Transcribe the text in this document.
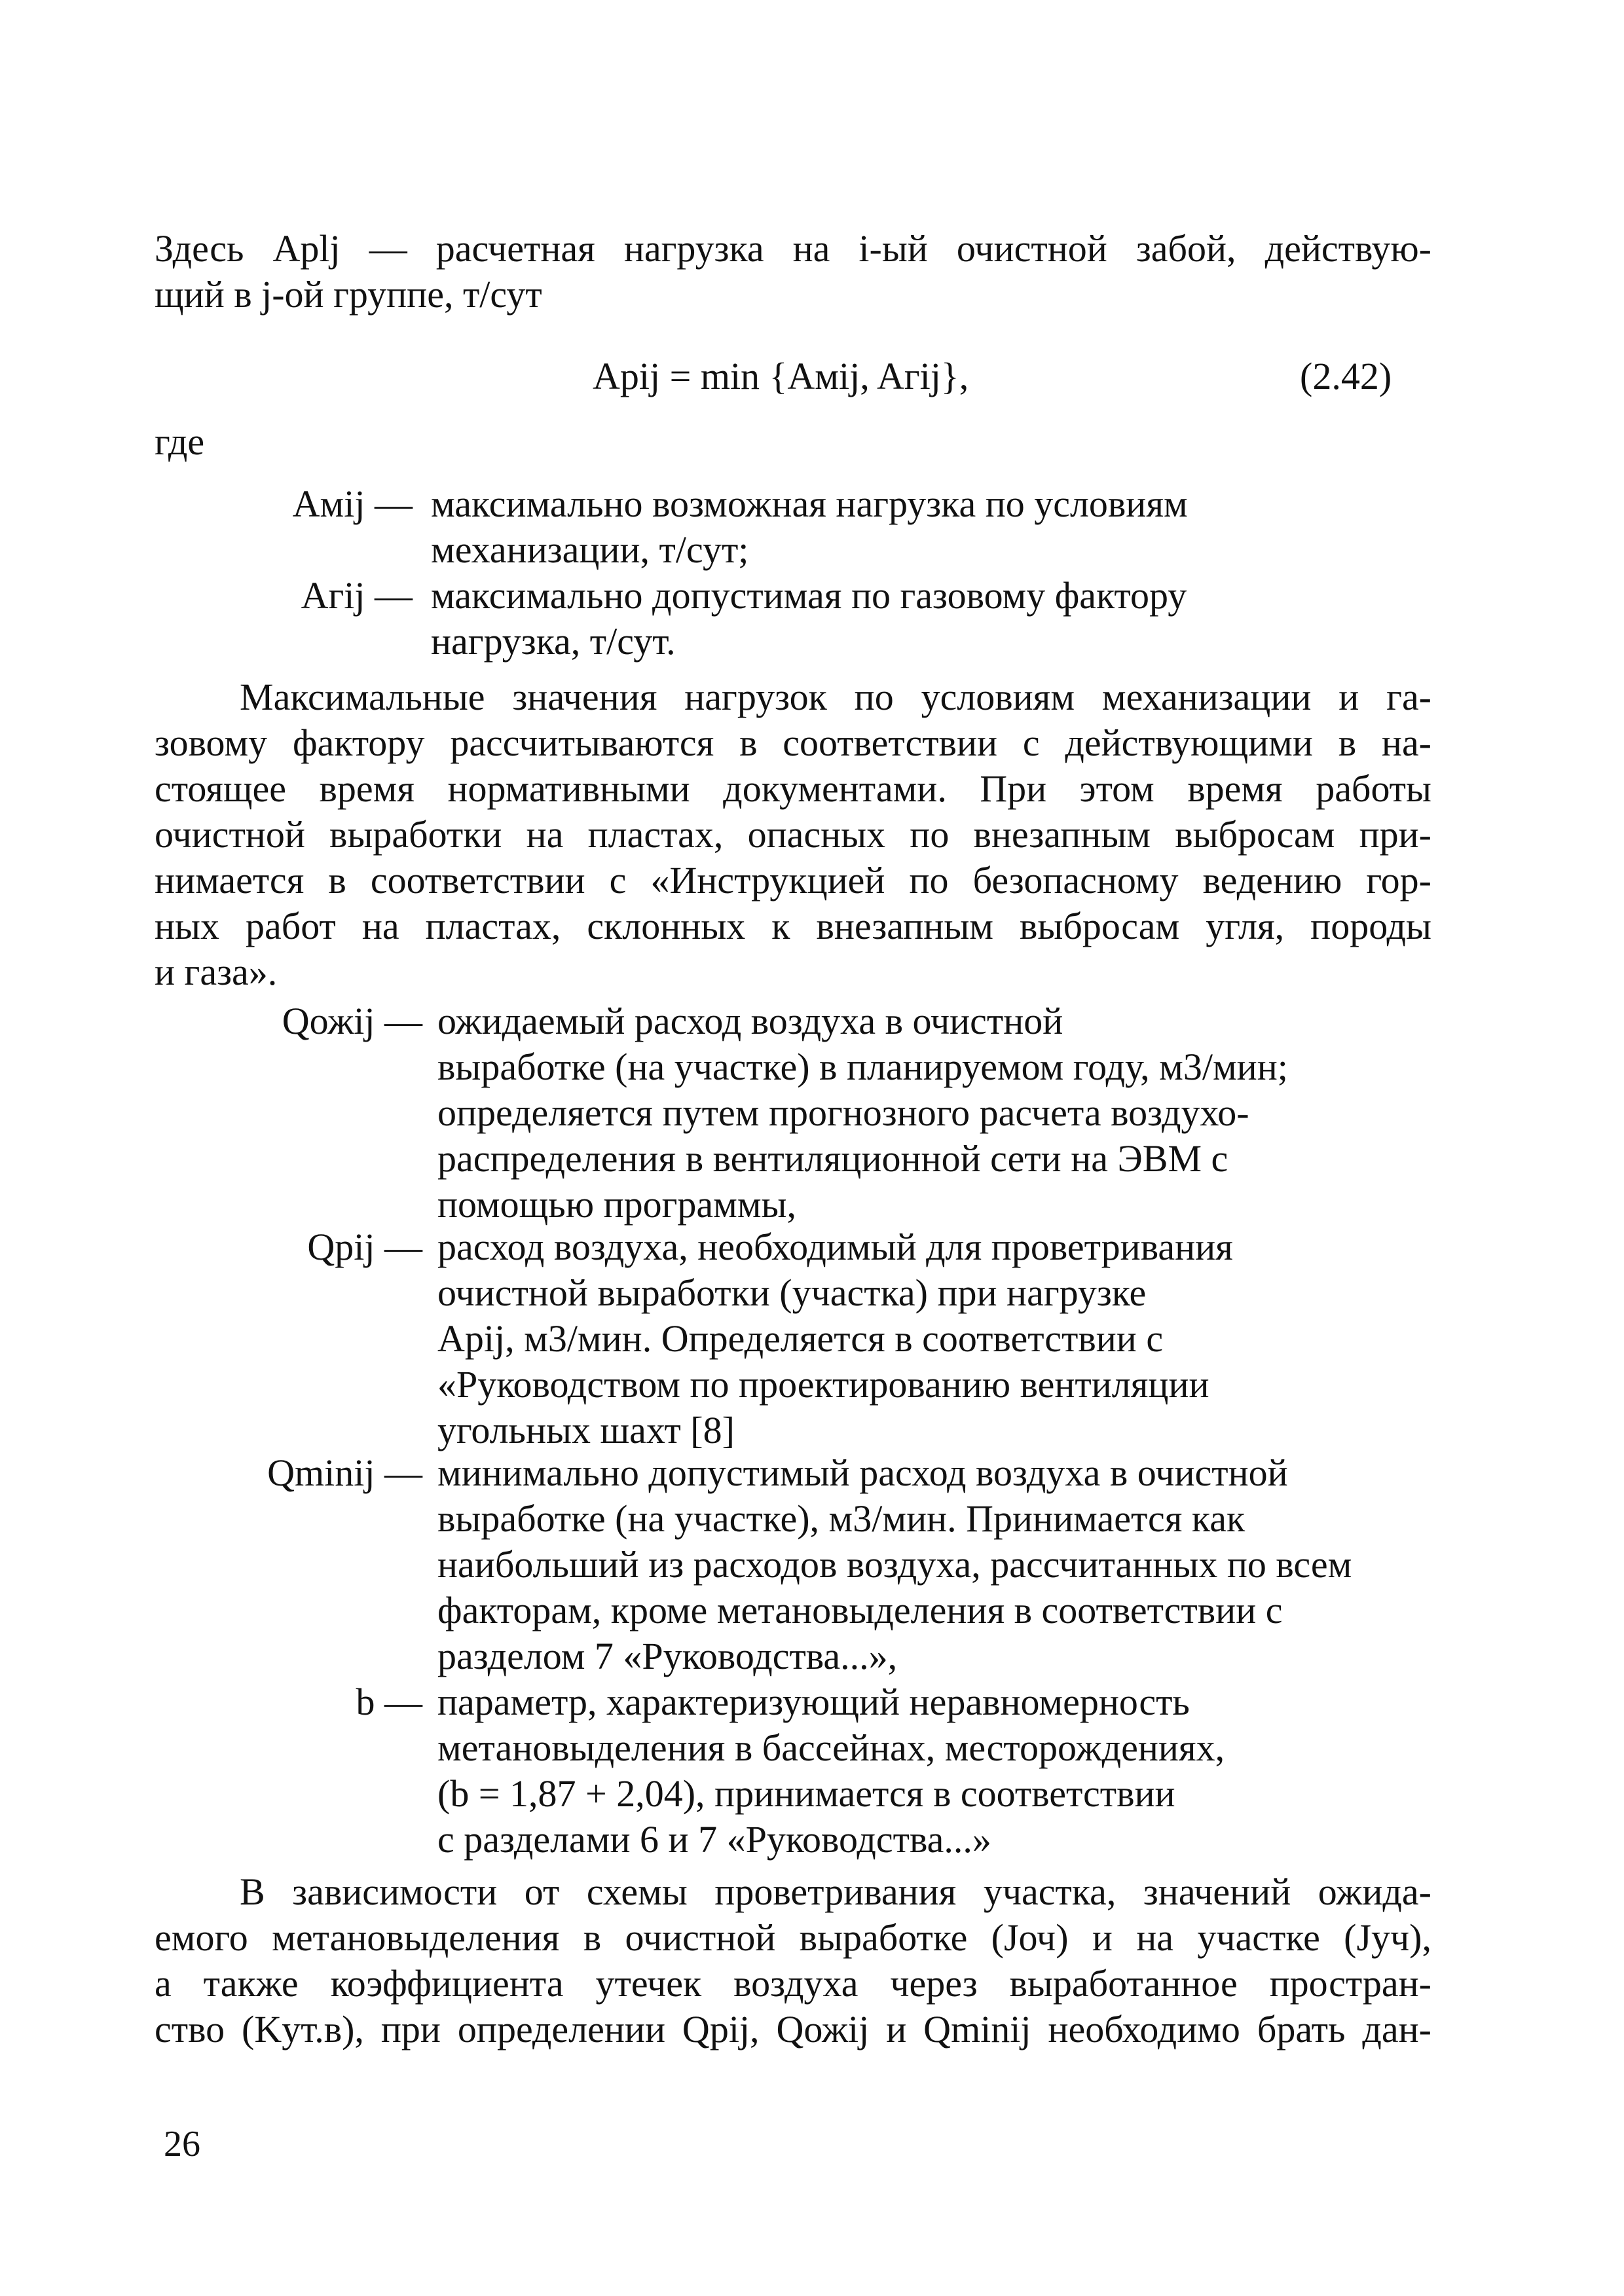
Здесь Aplj — расчетная нагрузка на i-ый очистной забой, действую-
щий в j-ой группе, т/сут
Apij = min {Aмij, Aгij},	(2.42)
где
Aмij — максимально возможная нагрузка по условиям
механизации, т/сут;
Aгij — максимально допустимая по газовому фактору
нагрузка, т/сут.
Максимальные значения нагрузок по условиям механизации и га-
зовому фактору рассчитываются в соответствии с действующими в на-
стоящее время нормативными документами. При этом время работы
очистной выработки на пластах, опасных по внезапным выбросам при-
нимается в соответствии с «Инструкцией по безопасному ведению гор-
ных работ на пластах, склонных к внезапным выбросам угля, породы
и газа».
Qожij — ожидаемый расход воздуха в очистной
выработке (на участке) в планируемом году, м3/мин;
определяется путем прогнозного расчета воздухо-
распределения в вентиляционной сети на ЭВМ с
помощью программы,
Qpij — расход воздуха, необходимый для проветривания
очистной выработки (участка) при нагрузке
Apij, м3/мин. Определяется в соответствии с
«Руководством по проектированию вентиляции
угольных шахт [8]
Qminij — минимально допустимый расход воздуха в очистной
выработке (на участке), м3/мин. Принимается как
наибольший из расходов воздуха, рассчитанных по всем
факторам, кроме метановыделения в соответствии с
разделом 7 «Руководства...»,
b — параметр, характеризующий неравномерность
метановыделения в бассейнах, месторождениях,
(b = 1,87 + 2,04), принимается в соответствии
с разделами 6 и 7 «Руководства...»
В зависимости от схемы проветривания участка, значений ожида-
емого метановыделения в очистной выработке (Jоч) и на участке (Jуч),
а также коэффициента утечек воздуха через выработанное простран-
ство (Kут.в), при определении Qpij, Qожij и Qminij необходимо брать дан-
26
